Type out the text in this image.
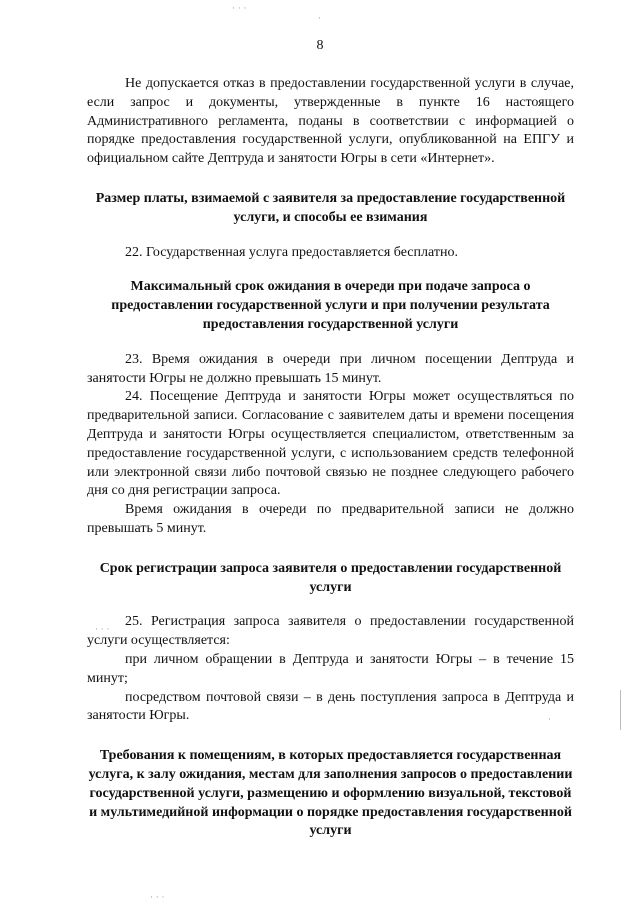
8

Не допускается отказ в предоставлении государственной услуги в случае, если запрос и документы, утвержденные в пункте 16 настоящего Административного регламента, поданы в соответствии с информацией о порядке предоставления государственной услуги, опубликованной на ЕПГУ и официальном сайте Дептруда и занятости Югры в сети «Интернет».

Размер платы, взимаемой с заявителя за предоставление государственной услуги, и способы ее взимания

22. Государственная услуга предоставляется бесплатно.

Максимальный срок ожидания в очереди при подаче запроса о предоставлении государственной услуги и при получении результата предоставления государственной услуги

23. Время ожидания в очереди при личном посещении Дептруда и занятости Югры не должно превышать 15 минут.

24. Посещение Дептруда и занятости Югры может осуществляться по предварительной записи. Согласование с заявителем даты и времени посещения Дептруда и занятости Югры осуществляется специалистом, ответственным за предоставление государственной услуги, с использованием средств телефонной или электронной связи либо почтовой связью не позднее следующего рабочего дня со дня регистрации запроса.

Время ожидания в очереди по предварительной записи не должно превышать 5 минут.

Срок регистрации запроса заявителя о предоставлении государственной услуги

25. Регистрация запроса заявителя о предоставлении государственной услуги осуществляется:

при личном обращении в Дептруда и занятости Югры – в течение 15 минут;

посредством почтовой связи – в день поступления запроса в Дептруда и занятости Югры.

Требования к помещениям, в которых предоставляется государственная услуга, к залу ожидания, местам для заполнения запросов о предоставлении государственной услуги, размещению и оформлению визуальной, текстовой и мультимедийной информации о порядке предоставления государственной услуги
· · ·
·
· · ·
·
· · ·
